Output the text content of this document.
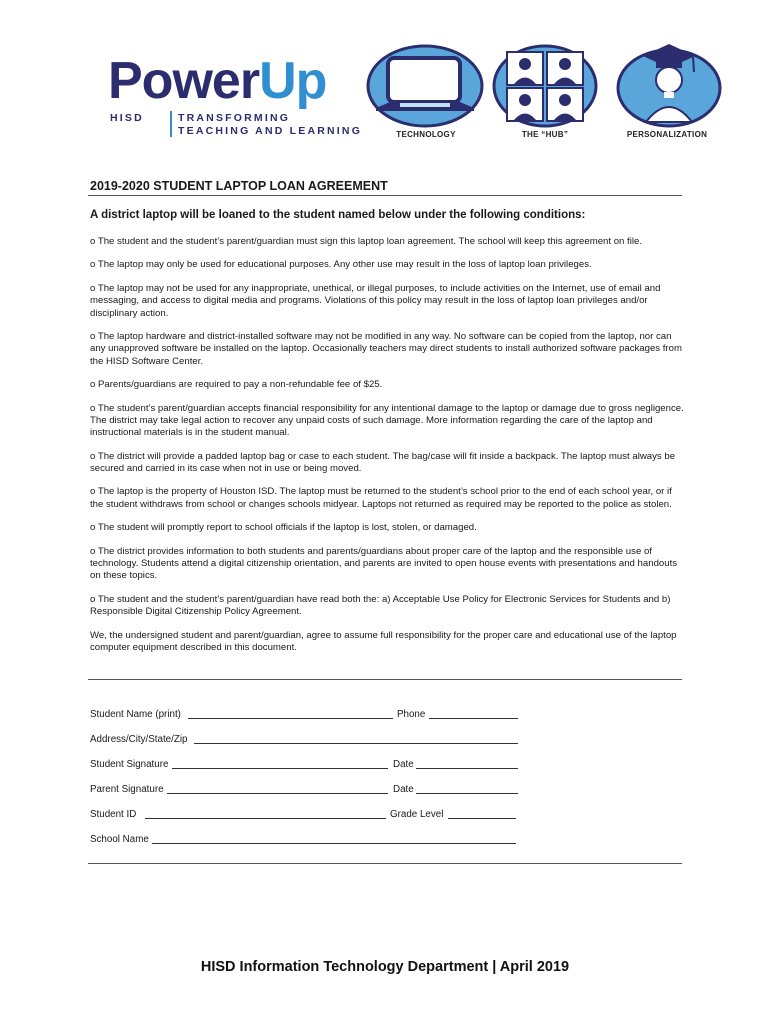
PowerUp
HISD	TRANSFORMING
TEACHING AND LEARNING	TECHNOLOGY	THE “HUB”	PERSONALIZATION
2019-2020 STUDENT LAPTOP LOAN AGREEMENT
A district laptop will be loaned to the student named below under the following conditions:

o The student and the student’s parent/guardian must sign this laptop loan agreement. The school will keep this agreement on file.

o The laptop may only be used for educational purposes. Any other use may result in the loss of laptop loan privileges.

o The laptop may not be used for any inappropriate, unethical, or illegal purposes, to include activities on the Internet, use of email and messaging, and access to digital media and programs. Violations of this policy may result in the loss of laptop loan privileges and/or disciplinary action.

o The laptop hardware and district-installed software may not be modified in any way. No software can be copied from the laptop, nor can any unapproved software be installed on the laptop. Occasionally teachers may direct students to install authorized software packages from the HISD Software Center.

o Parents/guardians are required to pay a non-refundable fee of $25.

o The student’s parent/guardian accepts financial responsibility for any intentional damage to the laptop or damage due to gross negligence. The district may take legal action to recover any unpaid costs of such damage. More information regarding the care of the laptop and instructional materials is in the student manual.

o The district will provide a padded laptop bag or case to each student. The bag/case will fit inside a backpack. The laptop must always be secured and carried in its case when not in use or being moved.

o The laptop is the property of Houston ISD. The laptop must be returned to the student’s school prior to the end of each school year, or if the student withdraws from school or changes schools midyear. Laptops not returned as required may be reported to the police as stolen.

o The student will promptly report to school officials if the laptop is lost, stolen, or damaged.

o The district provides information to both students and parents/guardians about proper care of the laptop and the responsible use of technology. Students attend a digital citizenship orientation, and parents are invited to open house events with presentations and handouts on these topics.

o The student and the student’s parent/guardian have read both the: a) Acceptable Use Policy for Electronic Services for Students and b) Responsible Digital Citizenship Policy Agreement.

We, the undersigned student and parent/guardian, agree to assume full responsibility for the proper care and educational use of the laptop computer equipment described in this document.

Student Name (print)	Phone
Address/City/State/Zip
Student Signature	Date
Parent Signature	Date
Student ID	Grade Level
School Name
HISD Information Technology Department | April 2019
